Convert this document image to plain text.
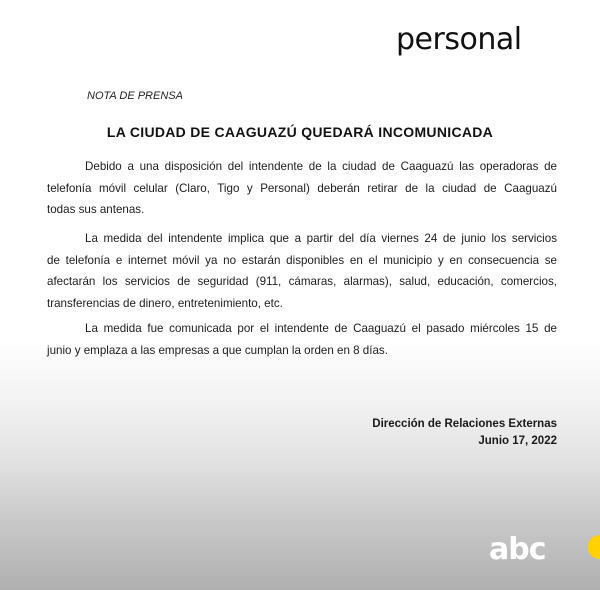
personal
NOTA DE PRENSA
LA CIUDAD DE CAAGUAZÚ QUEDARÁ INCOMUNICADA
Debido a una disposición del intendente de la ciudad de Caaguazú las operadoras de
telefonía móvil celular (Claro, Tigo y Personal) deberán retirar de la ciudad de Caaguazú
todas sus antenas.
La medida del intendente implica que a partir del día viernes 24 de junio los servicios
de telefonía e internet móvil ya no estarán disponibles en el municipio y en consecuencia se
afectarán los servicios de seguridad (911, cámaras, alarmas), salud, educación, comercios,
transferencias de dinero, entretenimiento, etc.
La medida fue comunicada por el intendente de Caaguazú el pasado miércoles 15 de
junio y emplaza a las empresas a que cumplan la orden en 8 días.
Dirección de Relaciones Externas
Junio 17, 2022
abc
